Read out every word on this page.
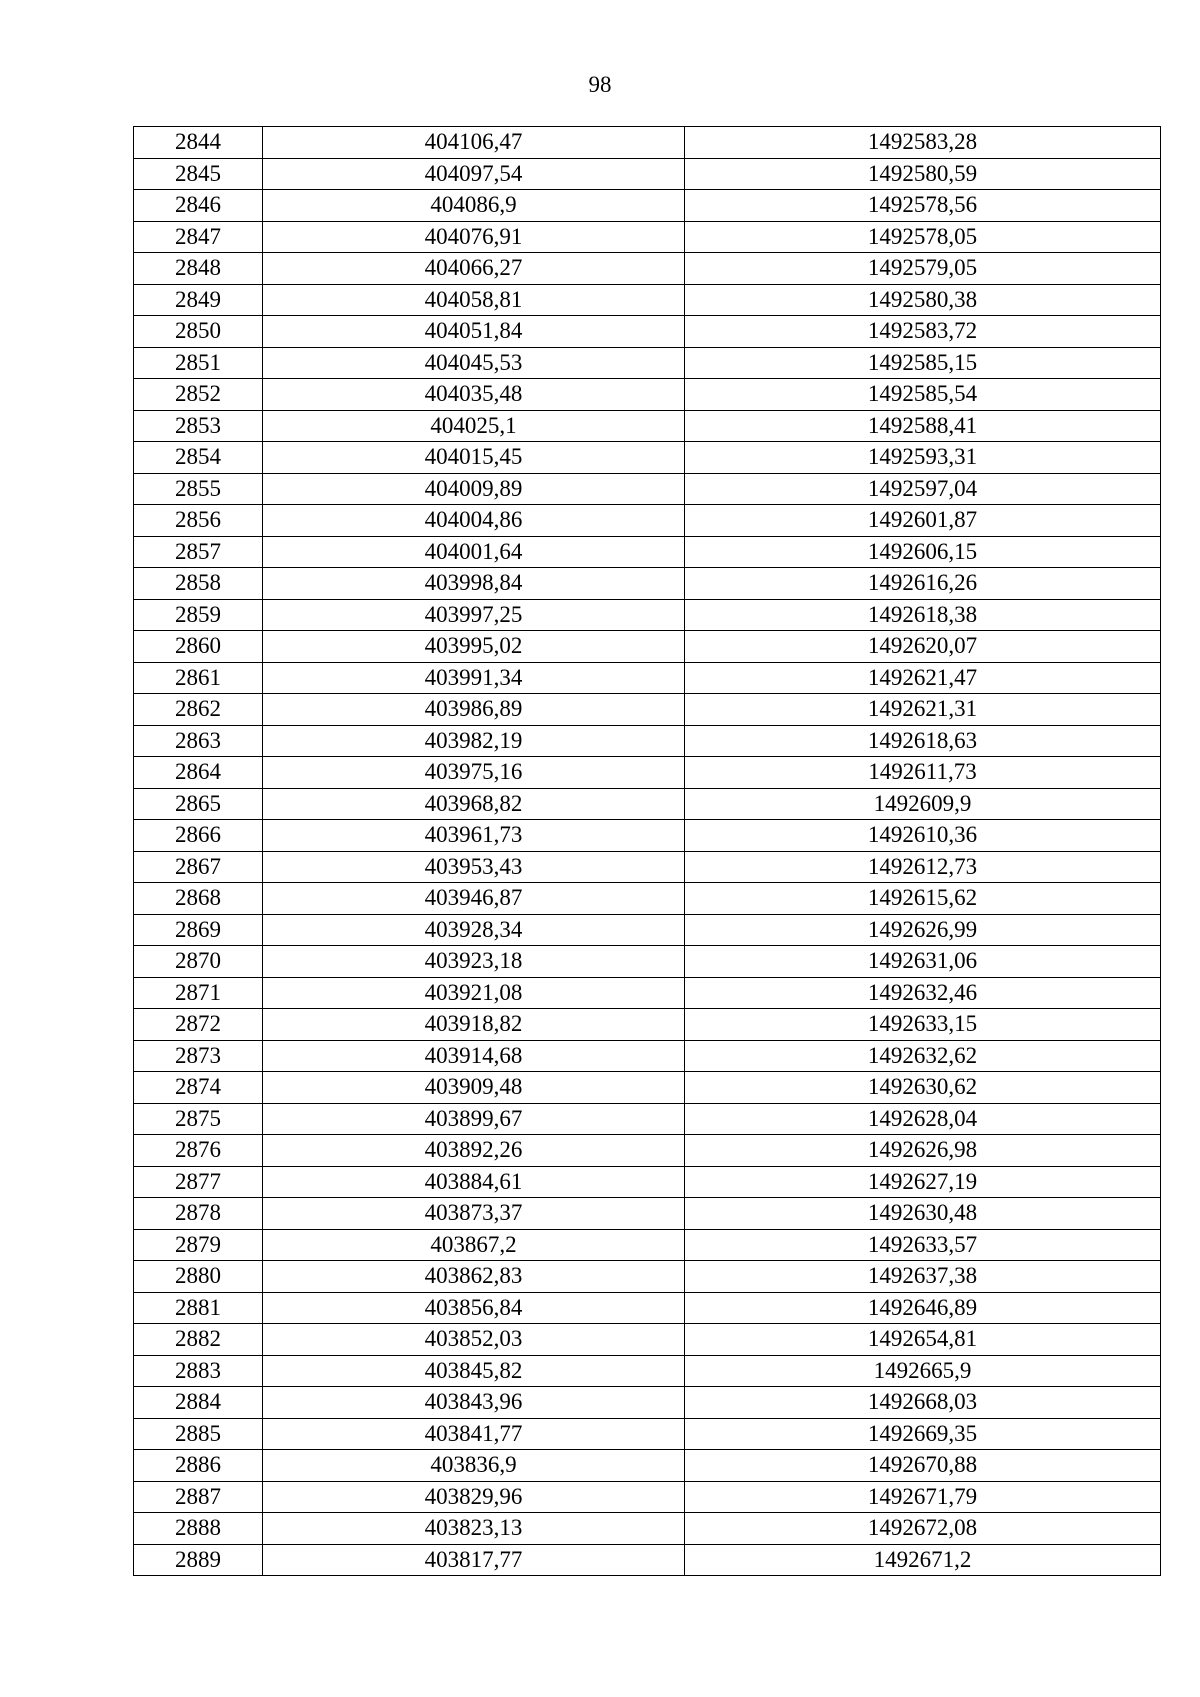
98
2844	404106,47	1492583,28
2845	404097,54	1492580,59
2846	404086,9	1492578,56
2847	404076,91	1492578,05
2848	404066,27	1492579,05
2849	404058,81	1492580,38
2850	404051,84	1492583,72
2851	404045,53	1492585,15
2852	404035,48	1492585,54
2853	404025,1	1492588,41
2854	404015,45	1492593,31
2855	404009,89	1492597,04
2856	404004,86	1492601,87
2857	404001,64	1492606,15
2858	403998,84	1492616,26
2859	403997,25	1492618,38
2860	403995,02	1492620,07
2861	403991,34	1492621,47
2862	403986,89	1492621,31
2863	403982,19	1492618,63
2864	403975,16	1492611,73
2865	403968,82	1492609,9
2866	403961,73	1492610,36
2867	403953,43	1492612,73
2868	403946,87	1492615,62
2869	403928,34	1492626,99
2870	403923,18	1492631,06
2871	403921,08	1492632,46
2872	403918,82	1492633,15
2873	403914,68	1492632,62
2874	403909,48	1492630,62
2875	403899,67	1492628,04
2876	403892,26	1492626,98
2877	403884,61	1492627,19
2878	403873,37	1492630,48
2879	403867,2	1492633,57
2880	403862,83	1492637,38
2881	403856,84	1492646,89
2882	403852,03	1492654,81
2883	403845,82	1492665,9
2884	403843,96	1492668,03
2885	403841,77	1492669,35
2886	403836,9	1492670,88
2887	403829,96	1492671,79
2888	403823,13	1492672,08
2889	403817,77	1492671,2
